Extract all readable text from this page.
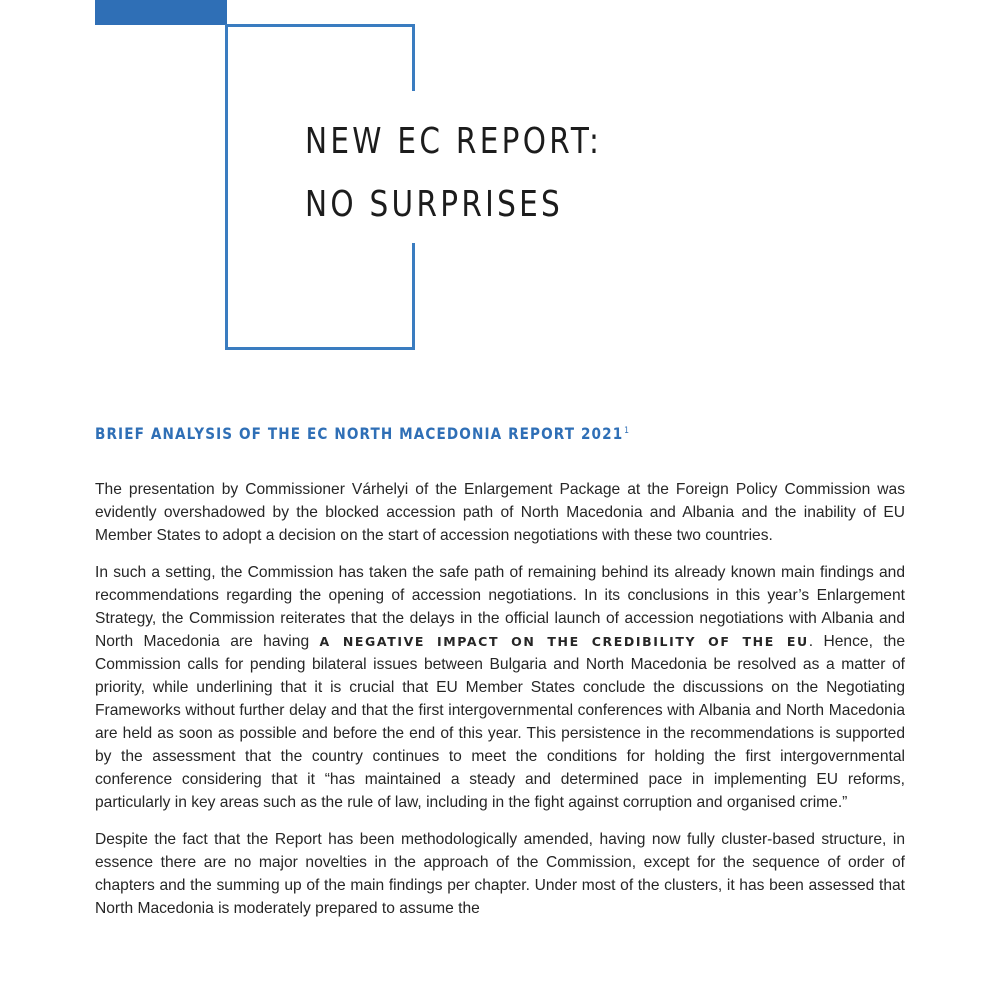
NEW EC REPORT:
NO SURPRISES
BRIEF ANALYSIS OF THE EC NORTH MACEDONIA REPORT 2021$^1$

The presentation by Commissioner Várhelyi of the Enlargement Package at the Foreign Policy Commission was evidently overshadowed by the blocked accession path of North Macedonia and Albania and the inability of EU Member States to adopt a decision on the start of accession negotiations with these two countries.

In such a setting, the Commission has taken the safe path of remaining behind its already known main findings and recommendations regarding the opening of accession negotiations. In its conclusions in this year’s Enlargement Strategy, the Commission reiterates that the delays in the official launch of accession negotiations with Albania and North Macedonia are having A NEGATIVE IMPACT ON THE CREDIBILITY OF THE EU. Hence, the Commission calls for pending bilateral issues between Bulgaria and North Macedonia be resolved as a matter of priority, while underlining that it is crucial that EU Member States conclude the discussions on the Negotiating Frameworks without further delay and that the first intergovernmental conferences with Albania and North Macedonia are held as soon as possible and before the end of this year. This persistence in the recommendations is supported by the assessment that the country continues to meet the conditions for holding the first intergovernmental conference considering that it “has maintained a steady and determined pace in implementing EU reforms, particularly in key areas such as the rule of law, including in the fight against corruption and organised crime.”

Despite the fact that the Report has been methodologically amended, having now fully cluster-based structure, in essence there are no major novelties in the approach of the Commission, except for the sequence of order of chapters and the summing up of the main findings per chapter. Under most of the clusters, it has been assessed that North Macedonia is moderately prepared to assume the
